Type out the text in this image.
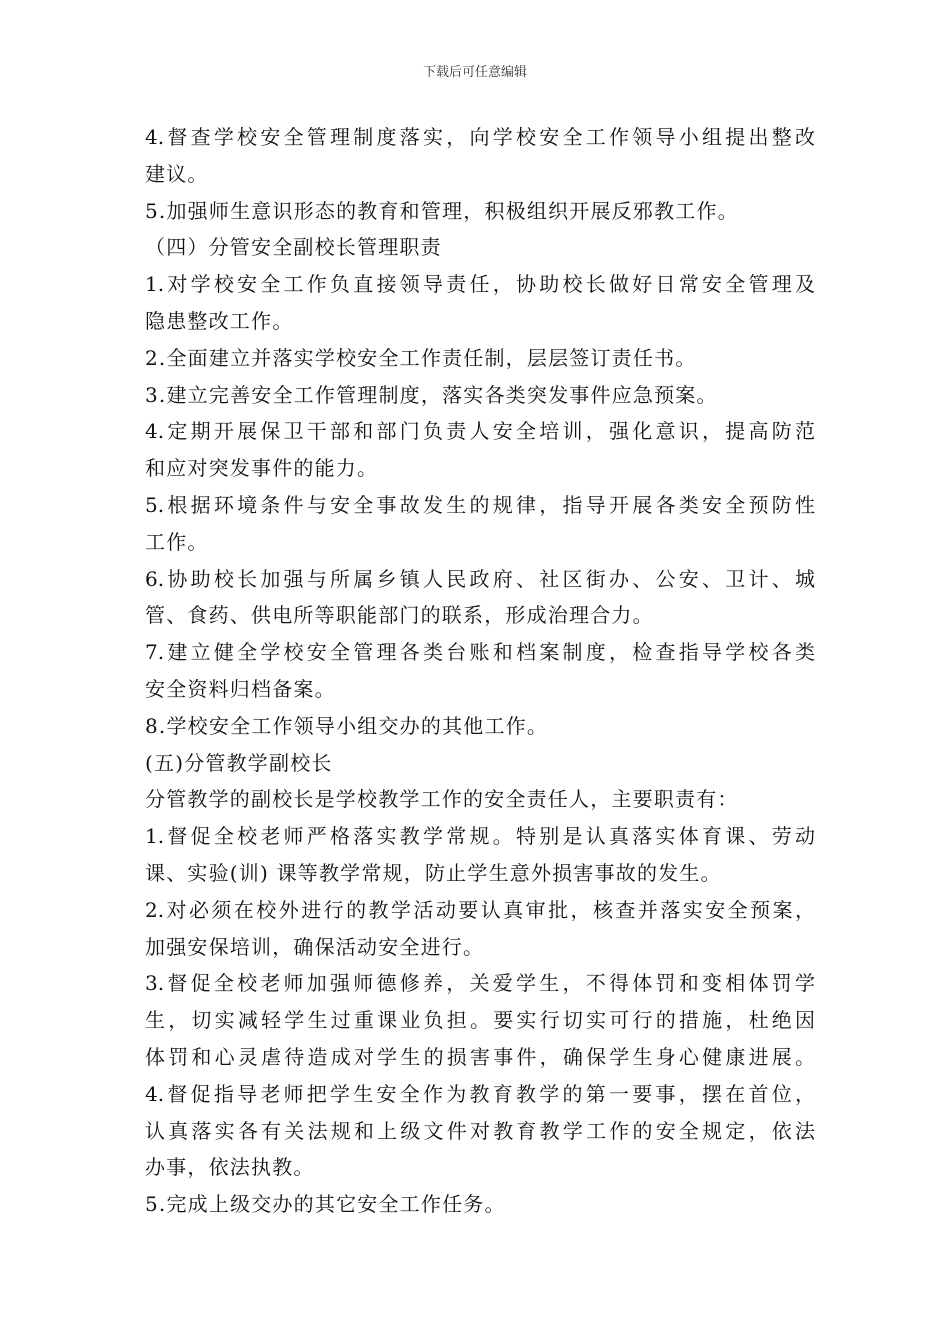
下载后可任意编辑
4.督查学校安全管理制度落实，向学校安全工作领导小组提出整改
建议。
5.加强师生意识形态的教育和管理，积极组织开展反邪教工作。
（四）分管安全副校长管理职责
1.对学校安全工作负直接领导责任，协助校长做好日常安全管理及
隐患整改工作。
2.全面建立并落实学校安全工作责任制，层层签订责任书。
3.建立完善安全工作管理制度，落实各类突发事件应急预案。
4.定期开展保卫干部和部门负责人安全培训，强化意识，提高防范
和应对突发事件的能力。
5.根据环境条件与安全事故发生的规律，指导开展各类安全预防性
工作。
6.协助校长加强与所属乡镇人民政府、社区街办、公安、卫计、城
管、食药、供电所等职能部门的联系，形成治理合力。
7.建立健全学校安全管理各类台账和档案制度，检查指导学校各类
安全资料归档备案。
8.学校安全工作领导小组交办的其他工作。
(五)分管教学副校长
分管教学的副校长是学校教学工作的安全责任人，主要职责有：
1.督促全校老师严格落实教学常规。特别是认真落实体育课、劳动
课、实验(训) 课等教学常规，防止学生意外损害事故的发生。
2.对必须在校外进行的教学活动要认真审批，核查并落实安全预案，
加强安保培训，确保活动安全进行。
3.督促全校老师加强师德修养，关爱学生，不得体罚和变相体罚学
生，切实减轻学生过重课业负担。要实行切实可行的措施，杜绝因
体罚和心灵虐待造成对学生的损害事件，确保学生身心健康进展。
4.督促指导老师把学生安全作为教育教学的第一要事，摆在首位，
认真落实各有关法规和上级文件对教育教学工作的安全规定，依法
办事，依法执教。
5.完成上级交办的其它安全工作任务。
